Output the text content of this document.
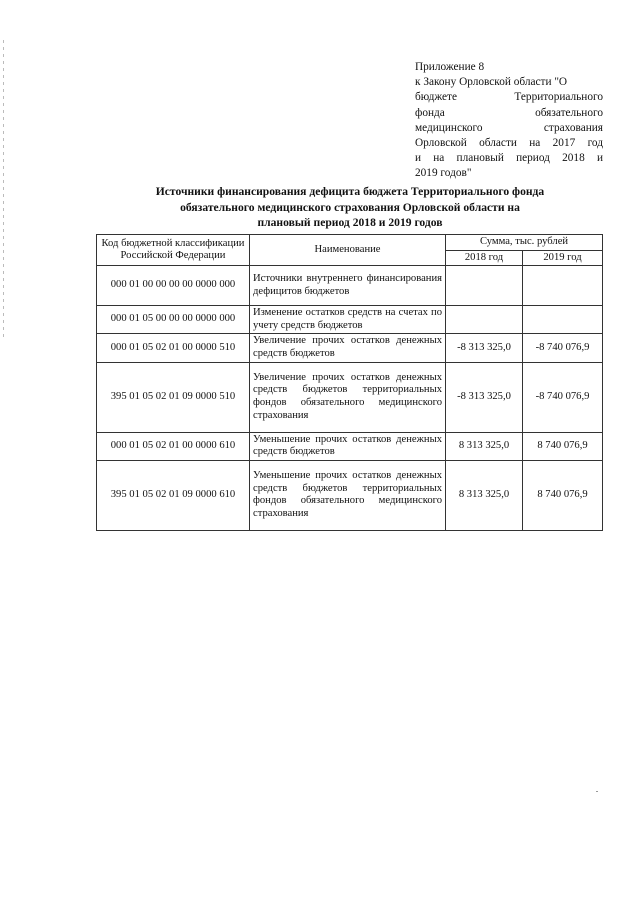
Приложение 8
к Закону Орловской области "О
бюджете Территориального
фонда обязательного
медицинского страхования
Орловской области на 2017 год
и на плановый период 2018 и
2019 годов"
Источники финансирования дефицита бюджета Территориального фонда
обязательного медицинского страхования Орловской области на
плановый период 2018 и 2019 годов
Код бюджетной классификации Российской Федерации	Наименование	Сумма, тыс. рублей	
		2018 год	2019 год
000 01 00 00 00 00 0000 000	Источники внутреннего финансирования дефицитов бюджетов		
000 01 05 00 00 00 0000 000	Изменение остатков средств на счетах по учету средств бюджетов		
000 01 05 02 01 00 0000 510	Увеличение прочих остатков денежных средств бюджетов	-8 313 325,0	-8 740 076,9
395 01 05 02 01 09 0000 510	Увеличение прочих остатков денежных средств бюджетов территориальных фондов обязательного медицинского страхования	-8 313 325,0	-8 740 076,9
000 01 05 02 01 00 0000 610	Уменьшение прочих остатков денежных средств бюджетов	8 313 325,0	8 740 076,9
395 01 05 02 01 09 0000 610	Уменьшение прочих остатков денежных средств бюджетов территориальных фондов обязательного медицинского страхования	8 313 325,0	8 740 076,9
